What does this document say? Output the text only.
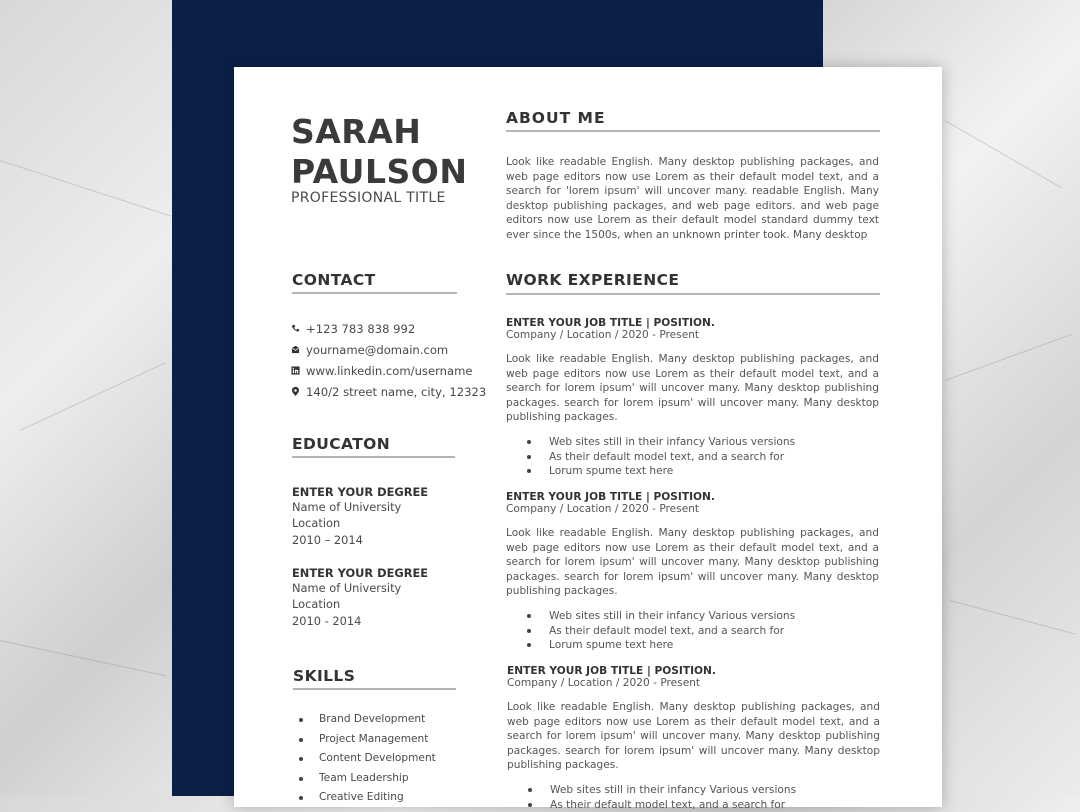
SARAH
PAULSON
PROFESSIONAL TITLE
CONTACT
+123 783 838 992
yourname@domain.com
www.linkedin.com/username
140/2 street name, city, 12323
EDUCATON
ENTER YOUR DEGREE
Name of University
Location
2010 – 2014
ENTER YOUR DEGREE
Name of University
Location
2010 - 2014
SKILLS
Brand Development
Project Management
Content Development
Team Leadership
Creative Editing
ABOUT ME
Look like readable English. Many desktop publishing packages, and web page editors now use Lorem as their default model text, and a search for 'lorem ipsum' will uncover many. readable English. Many desktop publishing packages, and web page editors. and web page editors now use Lorem as their default model standard dummy text ever since the 1500s, when an unknown printer took. Many desktop
WORK EXPERIENCE
ENTER YOUR JOB TITLE | POSITION.
Company / Location / 2020 - Present
Look like readable English. Many desktop publishing packages, and web page editors now use Lorem as their default model text, and a search for lorem ipsum' will uncover many. Many desktop publishing packages. search for lorem ipsum' will uncover many. Many desktop publishing packages.
Web sites still in their infancy Various versions
As their default model text, and a search for
Lorum spume text here
ENTER YOUR JOB TITLE | POSITION.
Company / Location / 2020 - Present
Look like readable English. Many desktop publishing packages, and web page editors now use Lorem as their default model text, and a search for lorem ipsum' will uncover many. Many desktop publishing packages. search for lorem ipsum' will uncover many. Many desktop publishing packages.
Web sites still in their infancy Various versions
As their default model text, and a search for
Lorum spume text here
ENTER YOUR JOB TITLE | POSITION.
Company / Location / 2020 - Present
Look like readable English. Many desktop publishing packages, and web page editors now use Lorem as their default model text, and a search for lorem ipsum' will uncover many. Many desktop publishing packages. search for lorem ipsum' will uncover many. Many desktop publishing packages.
Web sites still in their infancy Various versions
As their default model text, and a search for
